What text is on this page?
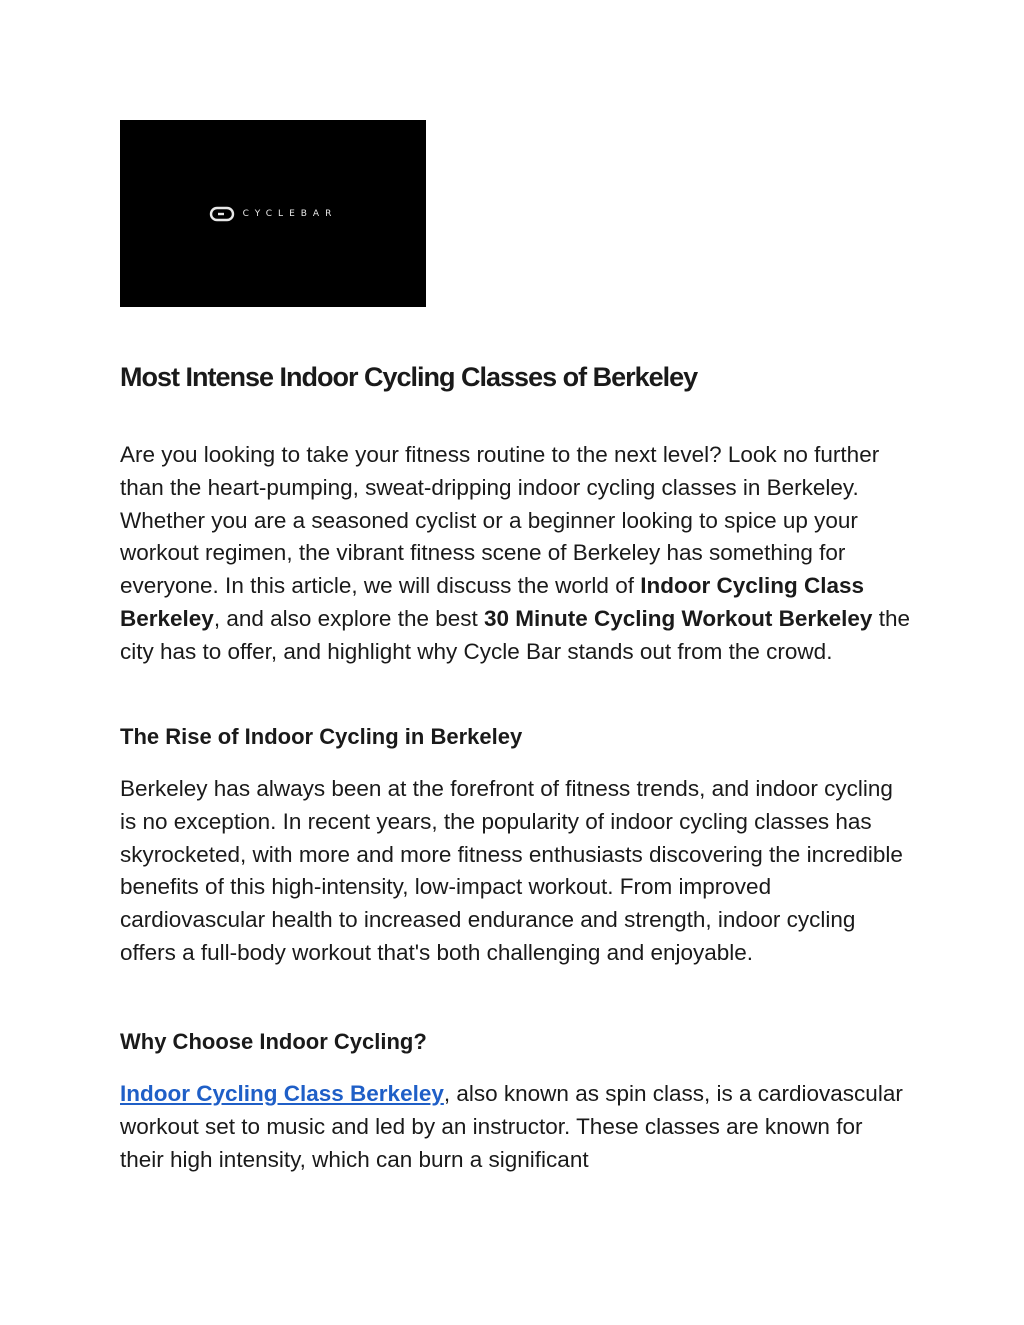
CYCLEBAR
Most Intense Indoor Cycling Classes of Berkeley

Are you looking to take your fitness routine to the next level? Look no further than the heart-pumping, sweat-dripping indoor cycling classes in Berkeley. Whether you are a seasoned cyclist or a beginner looking to spice up your workout regimen, the vibrant fitness scene of Berkeley has something for everyone. In this article, we will discuss the world of Indoor Cycling Class Berkeley, and also explore the best 30 Minute Cycling Workout Berkeley the city has to offer, and highlight why Cycle Bar stands out from the crowd.

The Rise of Indoor Cycling in Berkeley

Berkeley has always been at the forefront of fitness trends, and indoor cycling is no exception. In recent years, the popularity of indoor cycling classes has skyrocketed, with more and more fitness enthusiasts discovering the incredible benefits of this high-intensity, low-impact workout. From improved cardiovascular health to increased endurance and strength, indoor cycling offers a full-body workout that's both challenging and enjoyable.

Why Choose Indoor Cycling?

Indoor Cycling Class Berkeley, also known as spin class, is a cardiovascular workout set to music and led by an instructor. These classes are known for their high intensity, which can burn a significant
